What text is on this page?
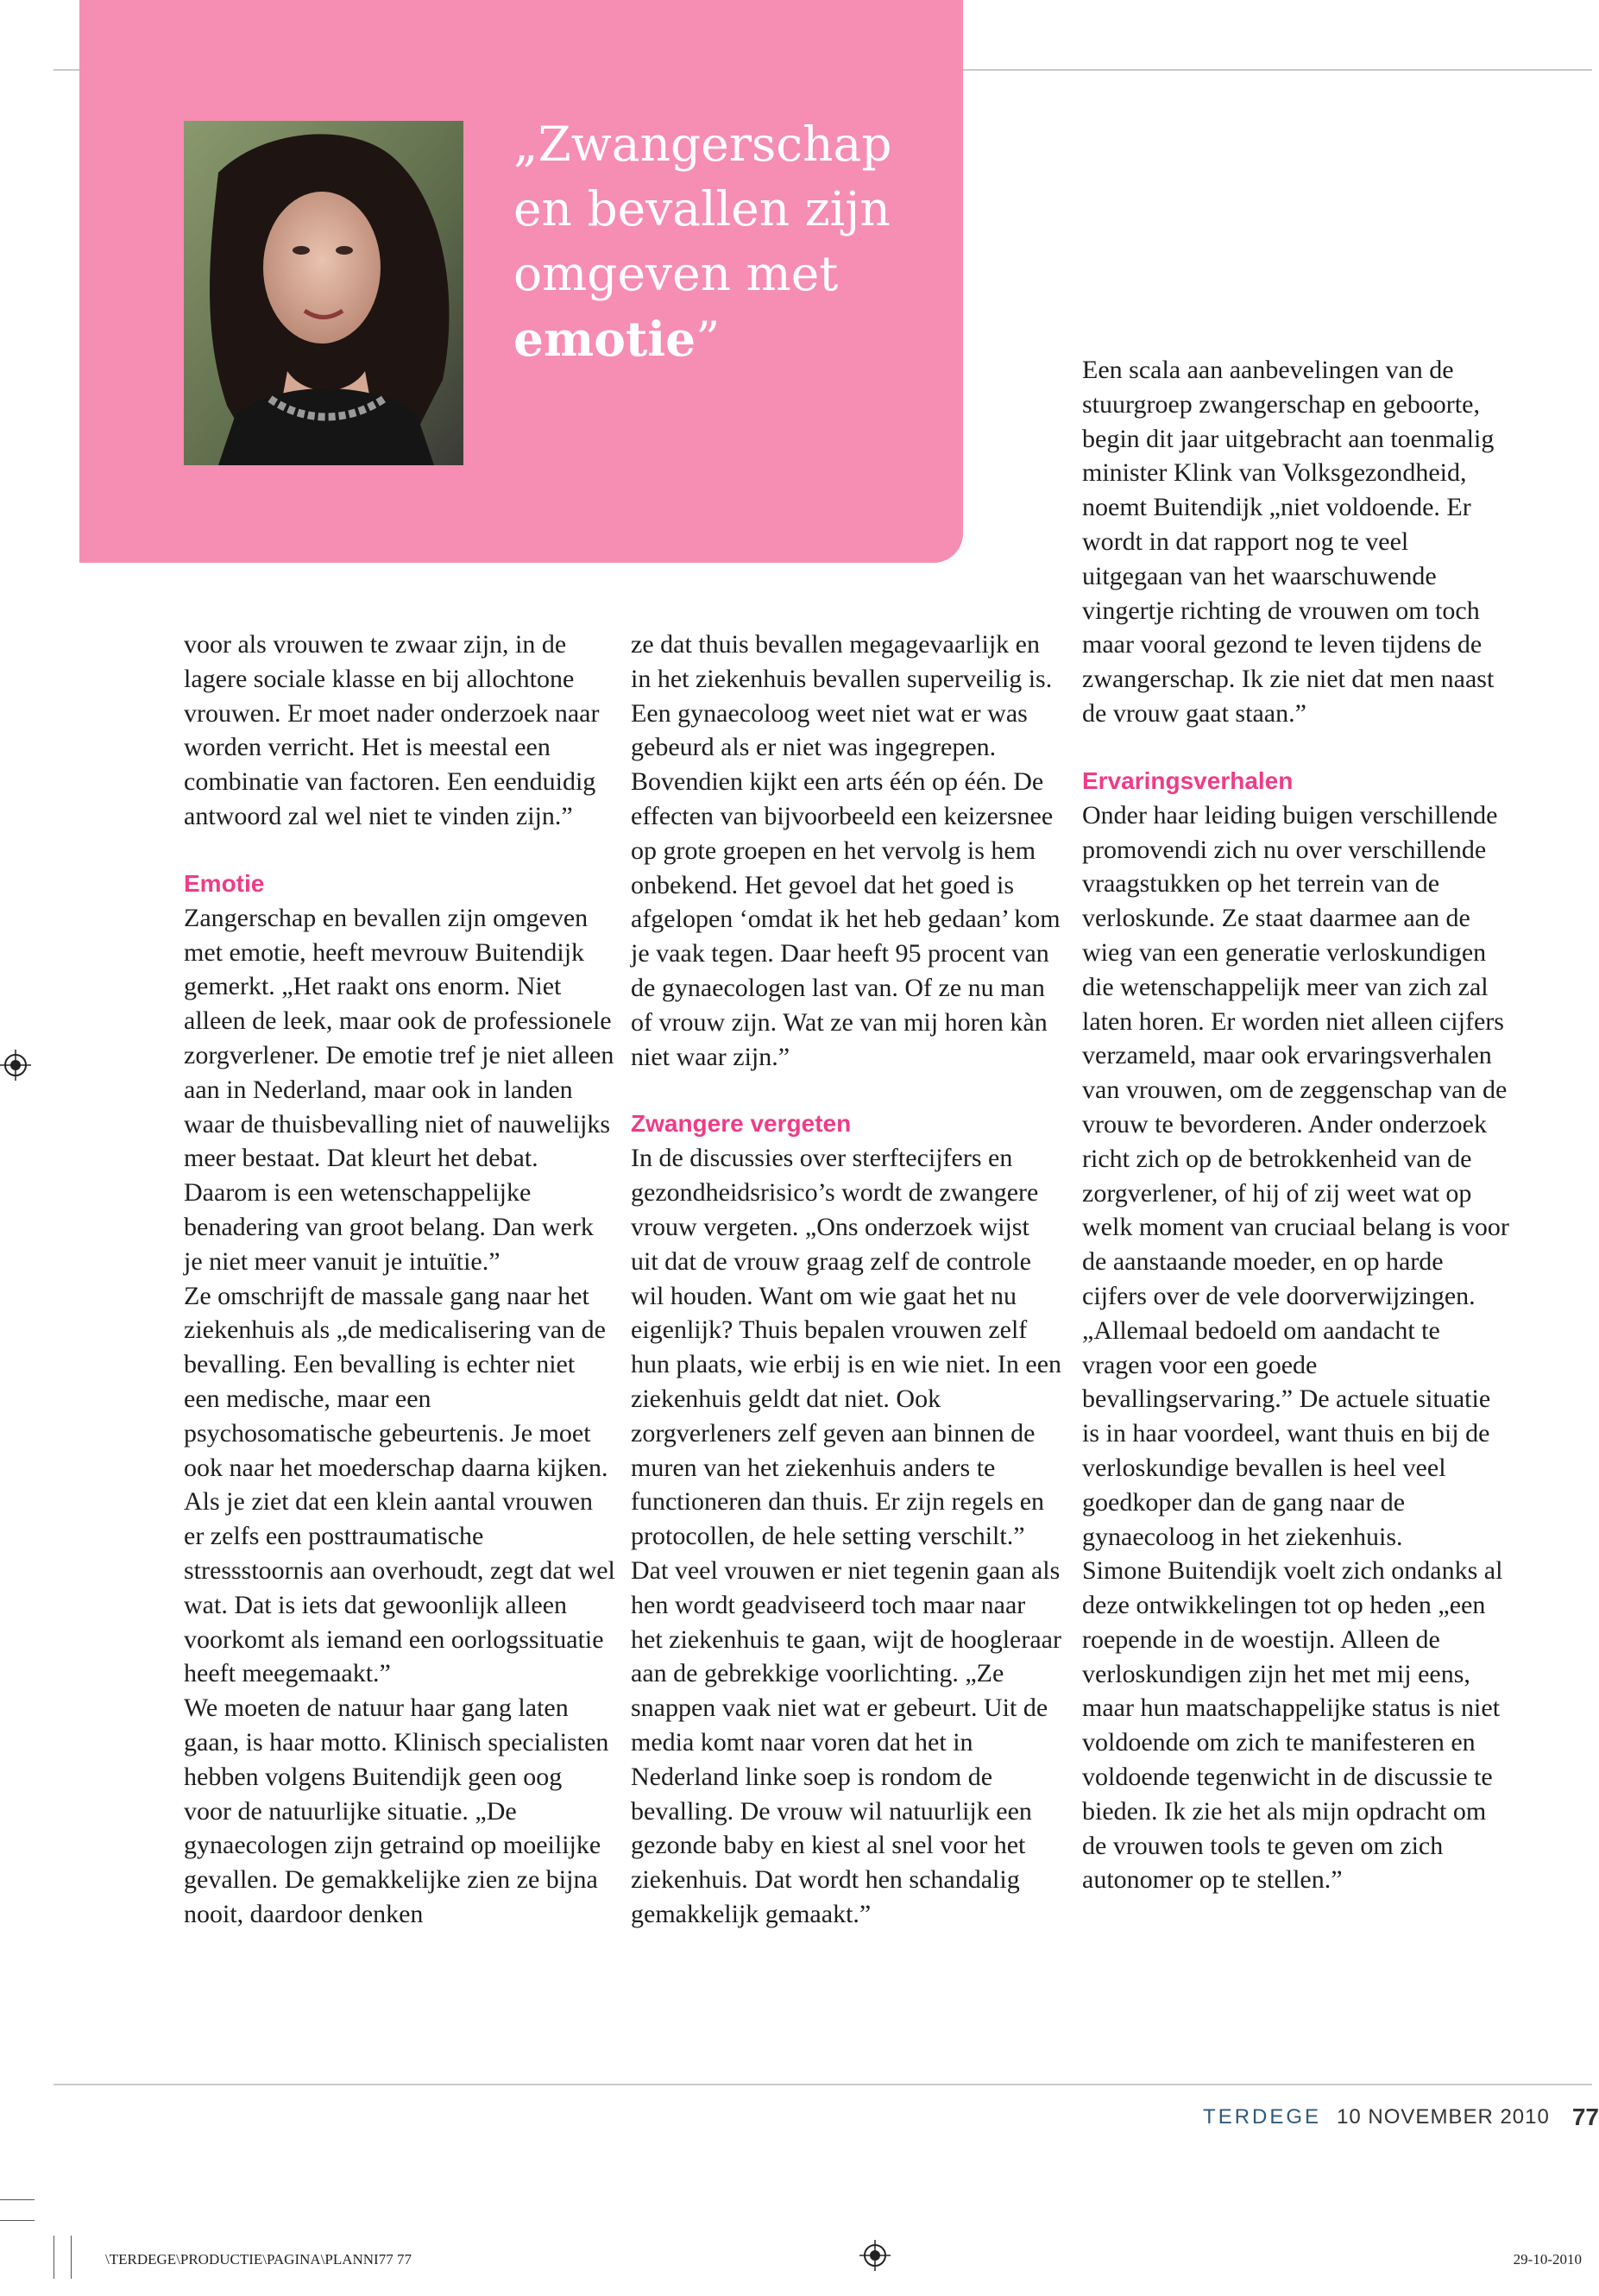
„Zwangerschap
en bevallen zijn
omgeven met
emotie”

voor als vrouwen te zwaar zijn, in de lagere sociale klasse en bij allochtone vrouwen. Er moet nader onderzoek naar worden verricht. Het is meestal een combinatie van factoren. Een eenduidig antwoord zal wel niet te vinden zijn.”

Emotie

Zangerschap en bevallen zijn omgeven met emotie, heeft mevrouw Buitendijk gemerkt. „Het raakt ons enorm. Niet alleen de leek, maar ook de professionele zorgverlener. De emotie tref je niet alleen aan in Nederland, maar ook in landen waar de thuisbevalling niet of nauwelijks meer bestaat. Dat kleurt het debat. Daarom is een wetenschappelijke benadering van groot belang. Dan werk je niet meer vanuit je intuïtie.”

Ze omschrijft de massale gang naar het ziekenhuis als „de medicalisering van de bevalling. Een bevalling is echter niet een medische, maar een psychosomatische gebeurtenis. Je moet ook naar het moederschap daarna kijken. Als je ziet dat een klein aantal vrouwen er zelfs een posttraumatische stressstoornis aan overhoudt, zegt dat wel wat. Dat is iets dat gewoonlijk alleen voorkomt als iemand een oorlogssituatie heeft meegemaakt.”

We moeten de natuur haar gang laten gaan, is haar motto. Klinisch specialisten hebben volgens Buitendijk geen oog voor de natuurlijke situatie. „De gynaecologen zijn getraind op moeilijke gevallen. De gemakkelijke zien ze bijna nooit, daardoor denken

ze dat thuis bevallen megagevaarlijk en in het ziekenhuis bevallen superveilig is. Een gynaecoloog weet niet wat er was gebeurd als er niet was ingegrepen. Bovendien kijkt een arts één op één. De effecten van bijvoorbeeld een keizersnee op grote groepen en het vervolg is hem onbekend. Het gevoel dat het goed is afgelopen ‘omdat ik het heb gedaan’ kom je vaak tegen. Daar heeft 95 procent van de gynaecologen last van. Of ze nu man of vrouw zijn. Wat ze van mij horen kàn niet waar zijn.”

Zwangere vergeten

In de discussies over sterftecijfers en gezondheidsrisico’s wordt de zwangere vrouw vergeten. „Ons onderzoek wijst uit dat de vrouw graag zelf de controle wil houden. Want om wie gaat het nu eigenlijk? Thuis bepalen vrouwen zelf hun plaats, wie erbij is en wie niet. In een ziekenhuis geldt dat niet. Ook zorgverleners zelf geven aan binnen de muren van het ziekenhuis anders te functioneren dan thuis. Er zijn regels en protocollen, de hele setting verschilt.”

Dat veel vrouwen er niet tegenin gaan als hen wordt geadviseerd toch maar naar het ziekenhuis te gaan, wijt de hoogleraar aan de gebrekkige voorlichting. „Ze snappen vaak niet wat er gebeurt. Uit de media komt naar voren dat het in Nederland linke soep is rondom de bevalling. De vrouw wil natuurlijk een gezonde baby en kiest al snel voor het ziekenhuis. Dat wordt hen schandalig gemakkelijk gemaakt.”

Een scala aan aanbevelingen van de stuurgroep zwangerschap en geboorte, begin dit jaar uitgebracht aan toenmalig minister Klink van Volksgezondheid, noemt Buitendijk „niet voldoende. Er wordt in dat rapport nog te veel uitgegaan van het waarschuwende vingertje richting de vrouwen om toch maar vooral gezond te leven tijdens de zwangerschap. Ik zie niet dat men naast de vrouw gaat staan.”

Ervaringsverhalen

Onder haar leiding buigen verschillende promovendi zich nu over verschillende vraagstukken op het terrein van de verloskunde. Ze staat daarmee aan de wieg van een generatie verloskundigen die wetenschappelijk meer van zich zal laten horen. Er worden niet alleen cijfers verzameld, maar ook ervaringsverhalen van vrouwen, om de zeggenschap van de vrouw te bevorderen. Ander onderzoek richt zich op de betrokkenheid van de zorgverlener, of hij of zij weet wat op welk moment van cruciaal belang is voor de aanstaande moeder, en op harde cijfers over de vele doorverwijzingen.

„Allemaal bedoeld om aandacht te vragen voor een goede bevallingservaring.” De actuele situatie is in haar voordeel, want thuis en bij de verloskundige bevallen is heel veel goedkoper dan de gang naar de gynaecoloog in het ziekenhuis.

Simone Buitendijk voelt zich ondanks al deze ontwikkelingen tot op heden „een roepende in de woestijn. Alleen de verloskundigen zijn het met mij eens, maar hun maatschappelijke status is niet voldoende om zich te manifesteren en voldoende tegenwicht in de discussie te bieden. Ik zie het als mijn opdracht om de vrouwen tools te geven om zich autonomer op te stellen.”

TERDEGE 10 NOVEMBER 2010 77
\TERDEGE\PRODUCTIE\PAGINA\PLANNI77 77	29-10-2010
